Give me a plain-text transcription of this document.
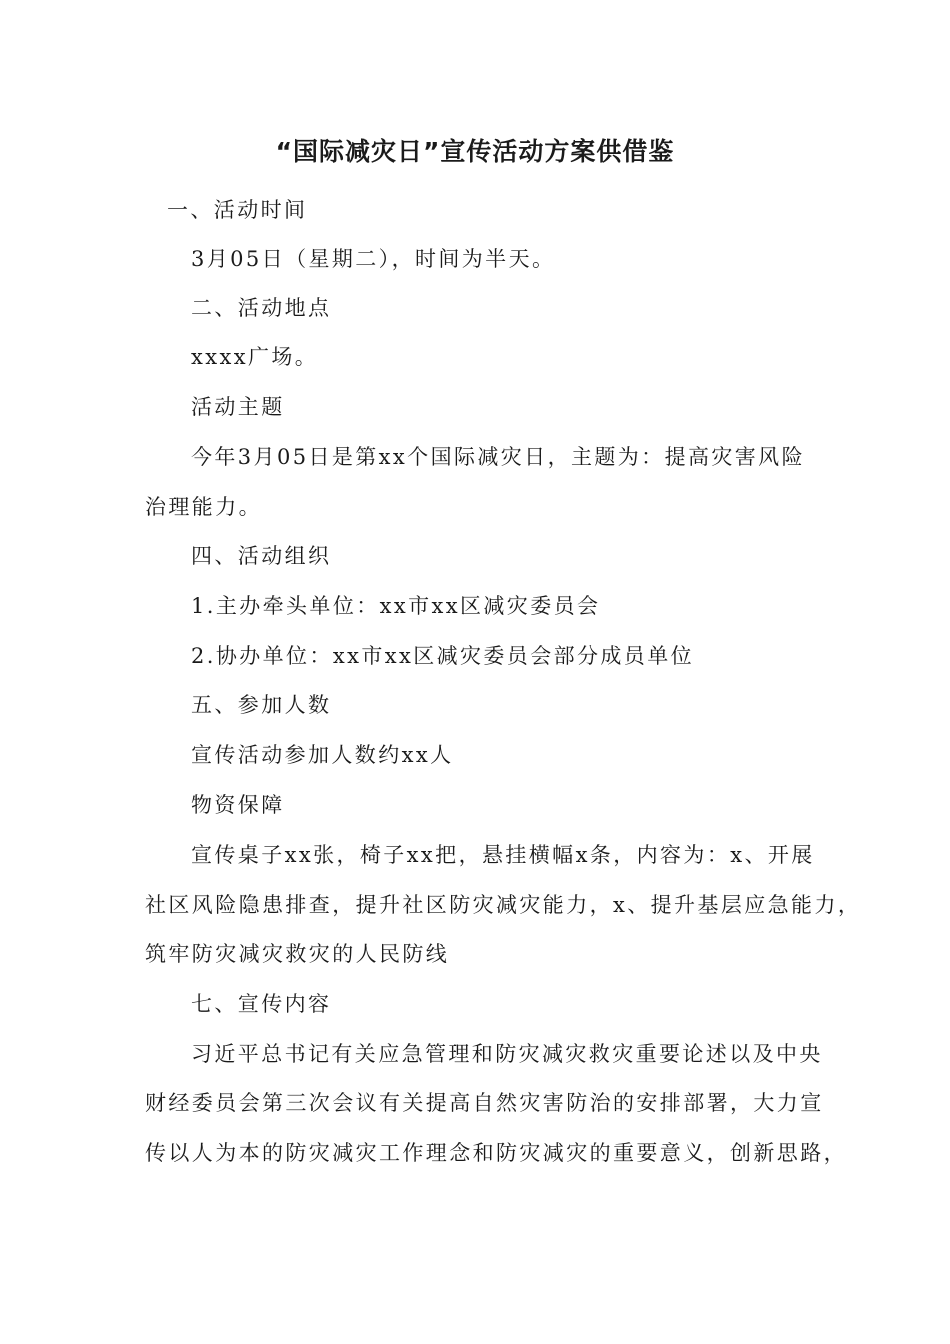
“国际减灾日”宣传活动方案供借鉴
一、活动时间
3月05日（星期二），时间为半天。
二、活动地点
xxxx广场。
活动主题
今年3月05日是第xx个国际减灾日，主题为：提高灾害风险
治理能力。
四、活动组织
1.主办牵头单位：xx市xx区减灾委员会
2.协办单位：xx市xx区减灾委员会部分成员单位
五、参加人数
宣传活动参加人数约xx人
物资保障
宣传桌子xx张，椅子xx把，悬挂横幅x条，内容为：x、开展
社区风险隐患排查，提升社区防灾减灾能力，x、提升基层应急能力，
筑牢防灾减灾救灾的人民防线
七、宣传内容
习近平总书记有关应急管理和防灾减灾救灾重要论述以及中央
财经委员会第三次会议有关提高自然灾害防治的安排部署，大力宣
传以人为本的防灾减灾工作理念和防灾减灾的重要意义，创新思路，
